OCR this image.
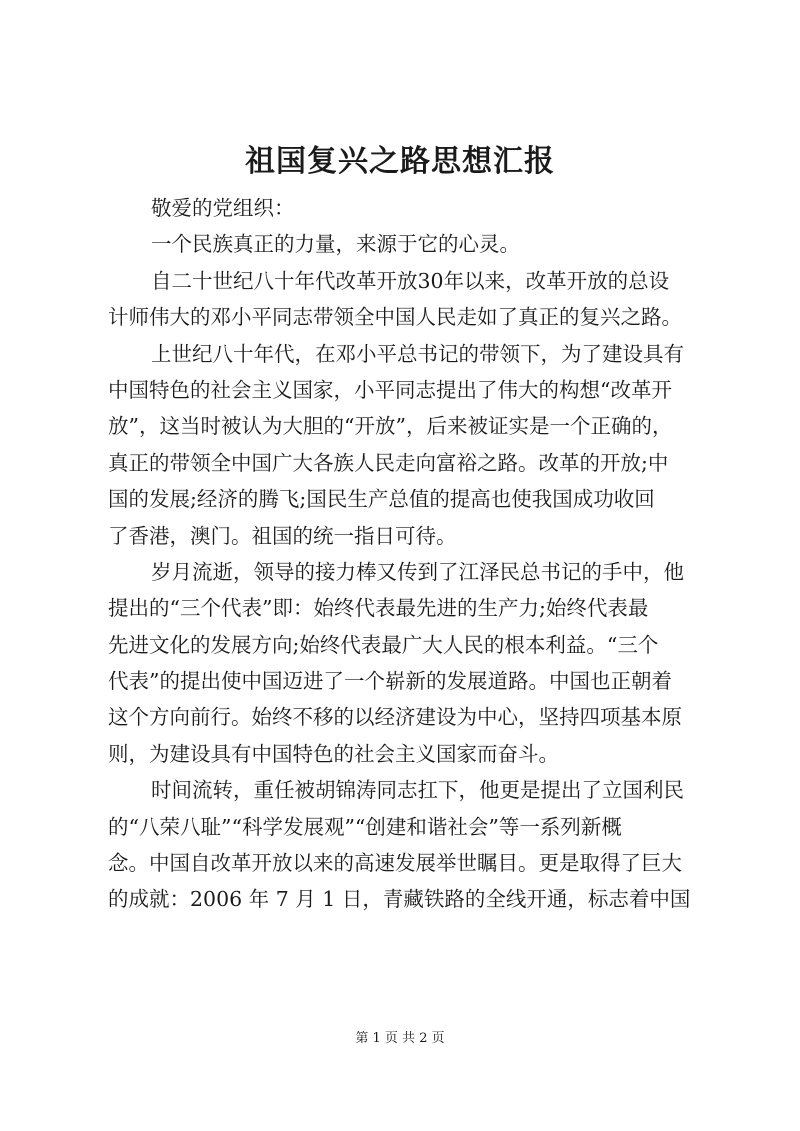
祖国复兴之路思想汇报
敬爱的党组织：
一个民族真正的力量，来源于它的心灵。
自二十世纪八十年代改革开放30年以来，改革开放的总设
计师伟大的邓小平同志带领全中国人民走如了真正的复兴之路。
上世纪八十年代，在邓小平总书记的带领下，为了建设具有
中国特色的社会主义国家，小平同志提出了伟大的构想“改革开
放”，这当时被认为大胆的“开放”，后来被证实是一个正确的，
真正的带领全中国广大各族人民走向富裕之路。改革的开放;中
国的发展;经济的腾飞;国民生产总值的提高也使我国成功收回
了香港，澳门。祖国的统一指日可待。
岁月流逝，领导的接力棒又传到了江泽民总书记的手中，他
提出的“三个代表”即：始终代表最先进的生产力;始终代表最
先进文化的发展方向;始终代表最广大人民的根本利益。“三个
代表”的提出使中国迈进了一个崭新的发展道路。中国也正朝着
这个方向前行。始终不移的以经济建设为中心，坚持四项基本原
则，为建设具有中国特色的社会主义国家而奋斗。
时间流转，重任被胡锦涛同志扛下，他更是提出了立国利民
的“八荣八耻”“科学发展观”“创建和谐社会”等一系列新概
念。中国自改革开放以来的高速发展举世瞩目。更是取得了巨大
的成就：2006 年 7 月 1 日，青藏铁路的全线开通，标志着中国
第 1 页 共 2 页
